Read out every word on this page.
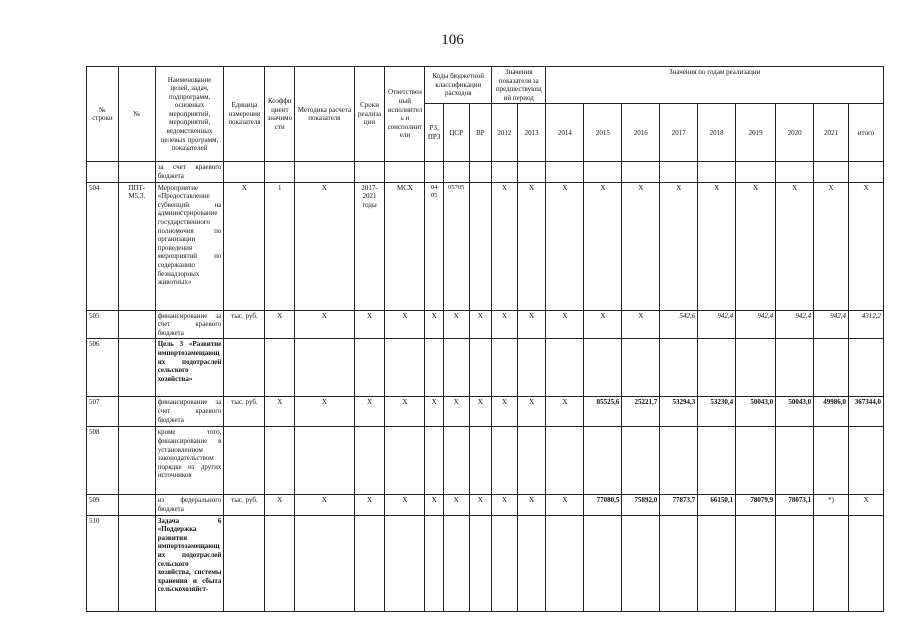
106
№ строки	№	Наименование целей, задач, подпрограмм, основных мероприятий, мероприятий, ведомственных целевых программ, показателей	Единица измерения показателя	Коэффициент значимости	Методика расчета показателя	Сроки реализации	Ответственный исполнитель и соисполнители	Коды бюджетной классификации расходов			Значения показателя за предшествующий период		Значения по годам реализации								
								РЗ, ПРЗ	ЦСР	ВР	2012	2013	2014	2015	2016	2017	2018	2019	2020	2021	итого
		за счет краевого бюджета																			
504	ППТ-М5.3.	Мероприятие «Предоставление субвенций на администрирование государственного полномочия по организации проведения мероприятий по содержанию безнадзорных животных»	X	1	X	2017-2021 годы	МСХ	04 05	05705		X	X	X	X	X	X	X	X	X	X	X
505		финансирование за счет краевого бюджета	тыс. руб.	X	X	X	X	X	X	X	X	X	X	X	X	542,6	942,4	942,4	942,4	942,4	4312,2
506		Цель 3 «Развитие импортозамещающих подотраслей сельского хозяйства»																			
507		финансирование за счет краевого бюджета	тыс. руб.	X	X	X	X	X	X	X	X	X	X	85525,6	25221,7	53294,3	53230,4	50043,0	50043,0	49986,0	367344,0
508		кроме того, финансирование в установленном законодательством порядке из других источников																			
509		из федерального бюджета	тыс. руб.	X	X	X	X	X	X	X	X	X	X	77080,5	75892,0	77873,7	66150,1	78079,9	78073,1	*)	X
510		Задача 6 «Поддержка развития импортозамещающих подотраслей сельского хозяйства, системы хранения и сбыта сельскохозяйст-																			
